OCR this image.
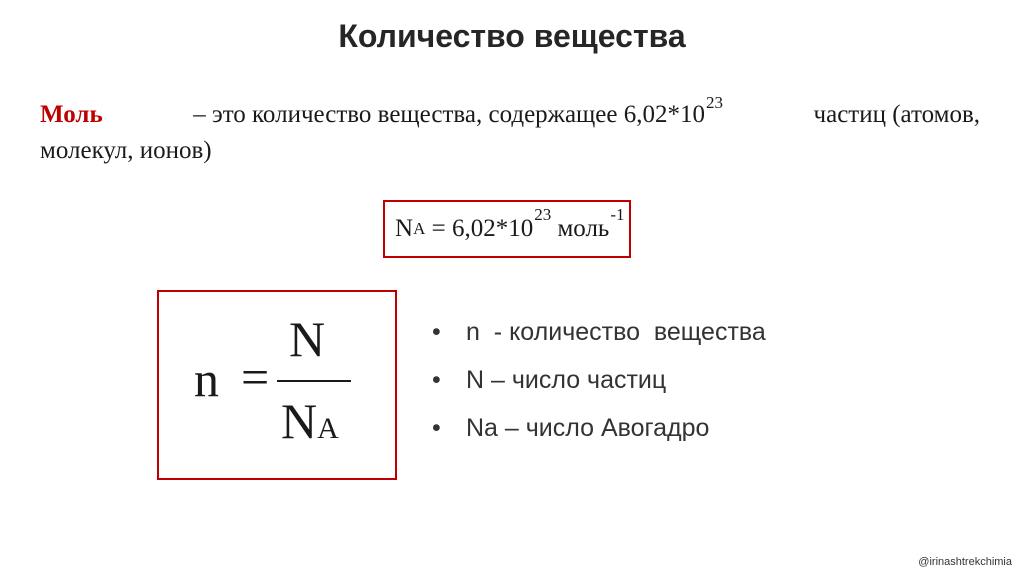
Количество вещества
Моль	– это количество вещества, содержащее $6,02*10^{23}$	частиц (атомов,
молекул, ионов)
N A = 6,02*10
23
моль
-1
n =
N
NA
• n  - количество  вещества
• N – число частиц
• Na – число Авогадро
@irinashtrekchimia
